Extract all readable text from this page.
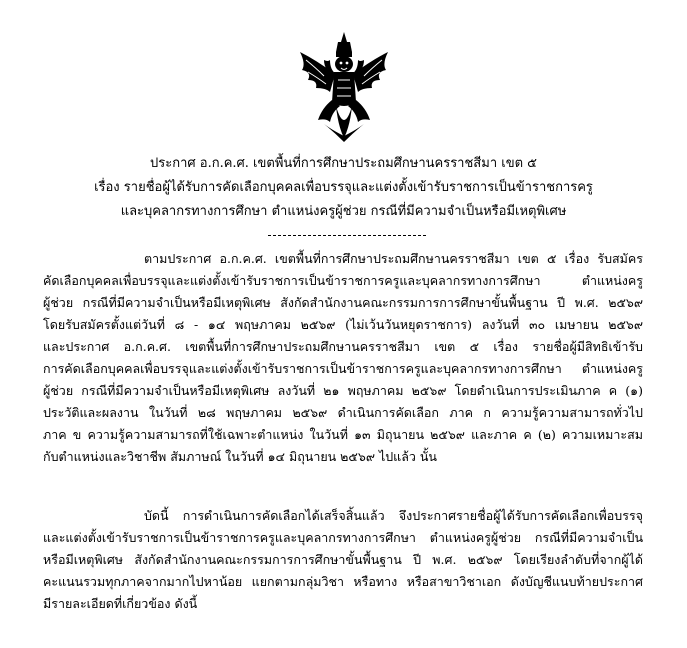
ประกาศ อ.ก.ค.ศ. เขตพื้นที่การศึกษาประถมศึกษานครราชสีมา เขต ๕
เรื่อง รายชื่อผู้ได้รับการคัดเลือกบุคคลเพื่อบรรจุและแต่งตั้งเข้ารับราชการเป็นข้าราชการครู
และบุคลากรทางการศึกษา ตำแหน่งครูผู้ช่วย กรณีที่มีความจำเป็นหรือมีเหตุพิเศษ
ตามประกาศ อ.ก.ค.ศ. เขตพื้นที่การศึกษาประถมศึกษานครราชสีมา เขต ๕ เรื่อง รับสมัคร
คัดเลือกบุคคลเพื่อบรรจุและแต่งตั้งเข้ารับราชการเป็นข้าราชการครูและบุคลากรทางการศึกษา ตำแหน่งครู
ผู้ช่วย กรณีที่มีความจำเป็นหรือมีเหตุพิเศษ สังกัดสำนักงานคณะกรรมการการศึกษาขั้นพื้นฐาน ปี พ.ศ. ๒๕๖๙
โดยรับสมัครตั้งแต่วันที่ ๘ - ๑๔ พฤษภาคม ๒๕๖๙ (ไม่เว้นวันหยุดราชการ) ลงวันที่ ๓๐ เมษายน ๒๕๖๙
และประกาศ อ.ก.ค.ศ. เขตพื้นที่การศึกษาประถมศึกษานครราชสีมา เขต ๕ เรื่อง รายชื่อผู้มีสิทธิเข้ารับ
การคัดเลือกบุคคลเพื่อบรรจุและแต่งตั้งเข้ารับราชการเป็นข้าราชการครูและบุคลากรทางการศึกษา ตำแหน่งครู
ผู้ช่วย กรณีที่มีความจำเป็นหรือมีเหตุพิเศษ ลงวันที่ ๒๑ พฤษภาคม ๒๕๖๙ โดยดำเนินการประเมินภาค ค (๑)
ประวัติและผลงาน ในวันที่ ๒๘ พฤษภาคม ๒๕๖๙ ดำเนินการคัดเลือก ภาค ก ความรู้ความสามารถทั่วไป
ภาค ข ความรู้ความสามารถที่ใช้เฉพาะตำแหน่ง ในวันที่ ๑๓ มิถุนายน ๒๕๖๙ และภาค ค (๒) ความเหมาะสม
กับตำแหน่งและวิชาชีพ สัมภาษณ์ ในวันที่ ๑๔ มิถุนายน ๒๕๖๙ ไปแล้ว นั้น
บัดนี้ การดำเนินการคัดเลือกได้เสร็จสิ้นแล้ว จึงประกาศรายชื่อผู้ได้รับการคัดเลือกเพื่อบรรจุ
และแต่งตั้งเข้ารับราชการเป็นข้าราชการครูและบุคลากรทางการศึกษา ตำแหน่งครูผู้ช่วย กรณีที่มีความจำเป็น
หรือมีเหตุพิเศษ สังกัดสำนักงานคณะกรรมการการศึกษาขั้นพื้นฐาน ปี พ.ศ. ๒๕๖๙ โดยเรียงลำดับที่จากผู้ได้
คะแนนรวมทุกภาคจากมากไปหาน้อย แยกตามกลุ่มวิชา หรือทาง หรือสาขาวิชาเอก ดังบัญชีแนบท้ายประกาศ
มีรายละเอียดที่เกี่ยวข้อง ดังนี้
